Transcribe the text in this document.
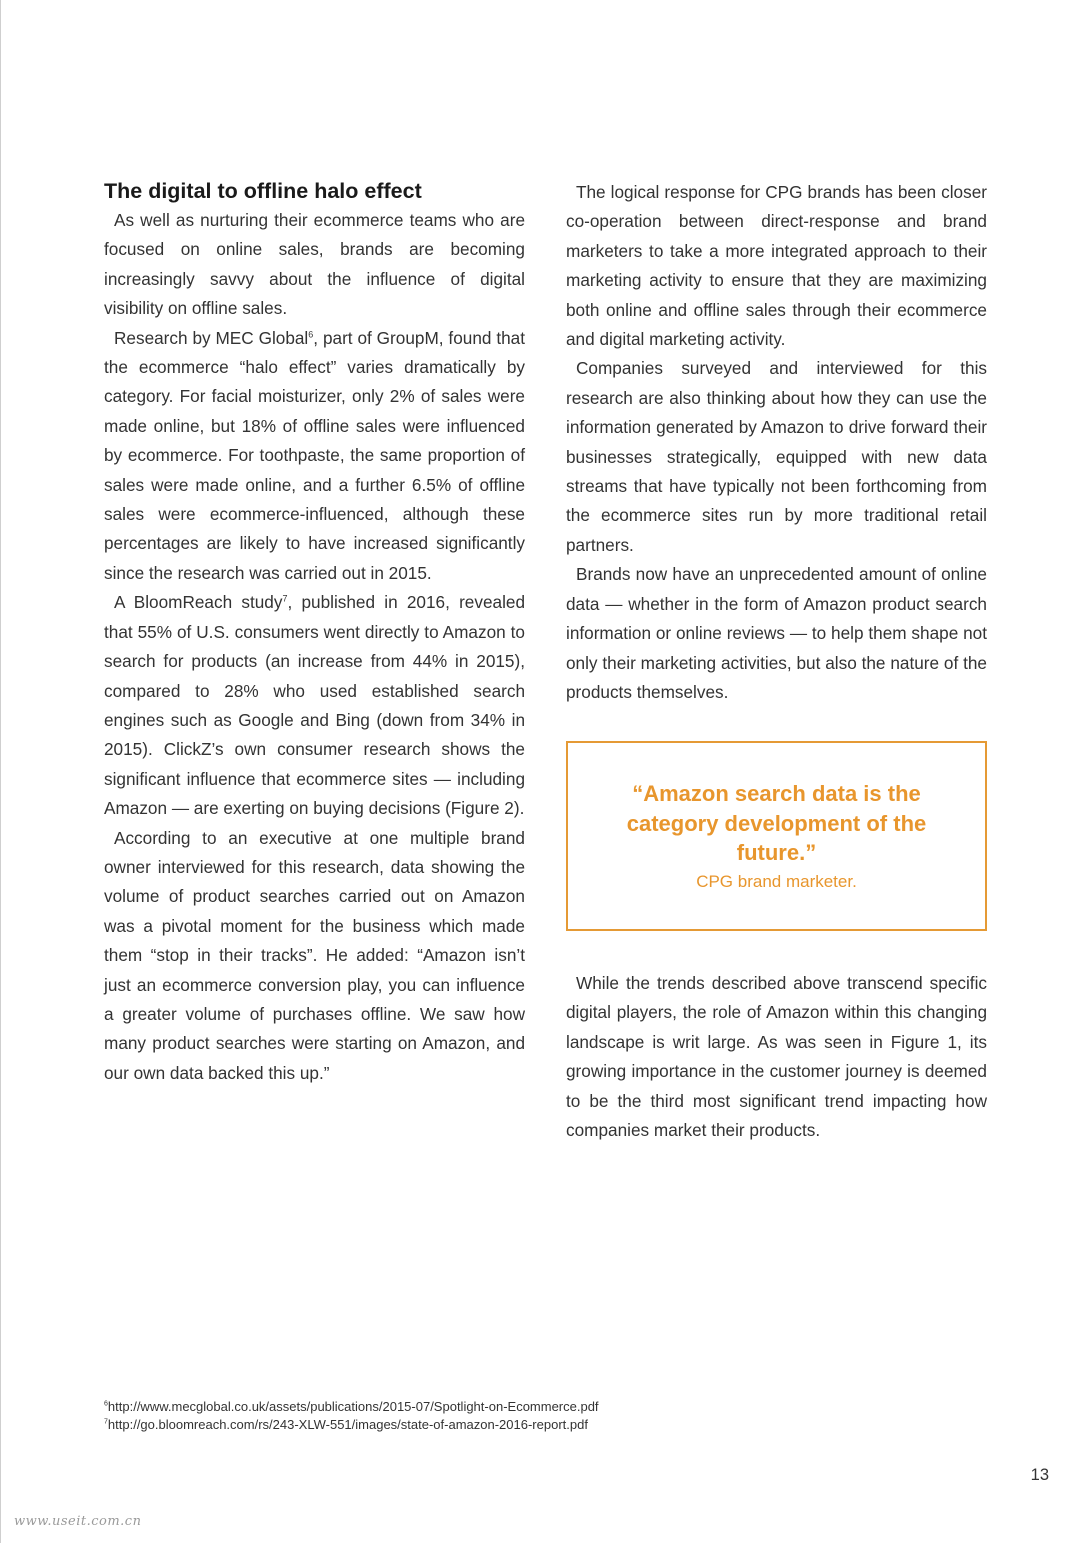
The digital to offline halo effect

As well as nurturing their ecommerce teams who are focused on online sales, brands are becoming increasingly savvy about the influence of digital visibility on offline sales.

Research by MEC Global$^6$, part of GroupM, found that the ecommerce “halo effect” varies dramatically by category. For facial moisturizer, only 2% of sales were made online, but 18% of offline sales were influenced by ecommerce. For toothpaste, the same proportion of sales were made online, and a further 6.5% of offline sales were ecommerce-influenced, although these percentages are likely to have increased significantly since the research was carried out in 2015.

A BloomReach study$^7$, published in 2016, revealed that 55% of U.S. consumers went directly to Amazon to search for products (an increase from 44% in 2015), compared to 28% who used established search engines such as Google and Bing (down from 34% in 2015). ClickZ’s own consumer research shows the significant influence that ecommerce sites — including Amazon — are exerting on buying decisions (Figure 2).

According to an executive at one multiple brand owner interviewed for this research, data showing the volume of product searches carried out on Amazon was a pivotal moment for the business which made them “stop in their tracks”. He added: “Amazon isn’t just an ecommerce conversion play, you can influence a greater volume of purchases offline. We saw how many product searches were starting on Amazon, and our own data backed this up.”

The logical response for CPG brands has been closer co-operation between direct-response and brand marketers to take a more integrated approach to their marketing activity to ensure that they are maximizing both online and offline sales through their ecommerce and digital marketing activity.

Companies surveyed and interviewed for this research are also thinking about how they can use the information generated by Amazon to drive forward their businesses strategically, equipped with new data streams that have typically not been forthcoming from the ecommerce sites run by more traditional retail partners.

Brands now have an unprecedented amount of online data — whether in the form of Amazon product search information or online reviews — to help them shape not only their marketing activities, but also the nature of the products themselves.

“Amazon search data is the category development of the future.”
CPG brand marketer.

While the trends described above transcend specific digital players, the role of Amazon within this changing landscape is writ large. As was seen in Figure 1, its growing importance in the customer journey is deemed to be the third most significant trend impacting how companies market their products.

$^6$http://www.mecglobal.co.uk/assets/publications/2015-07/Spotlight-on-Ecommerce.pdf
$^7$http://go.bloomreach.com/rs/243-XLW-551/images/state-of-amazon-2016-report.pdf
13
www.useit.com.cn
